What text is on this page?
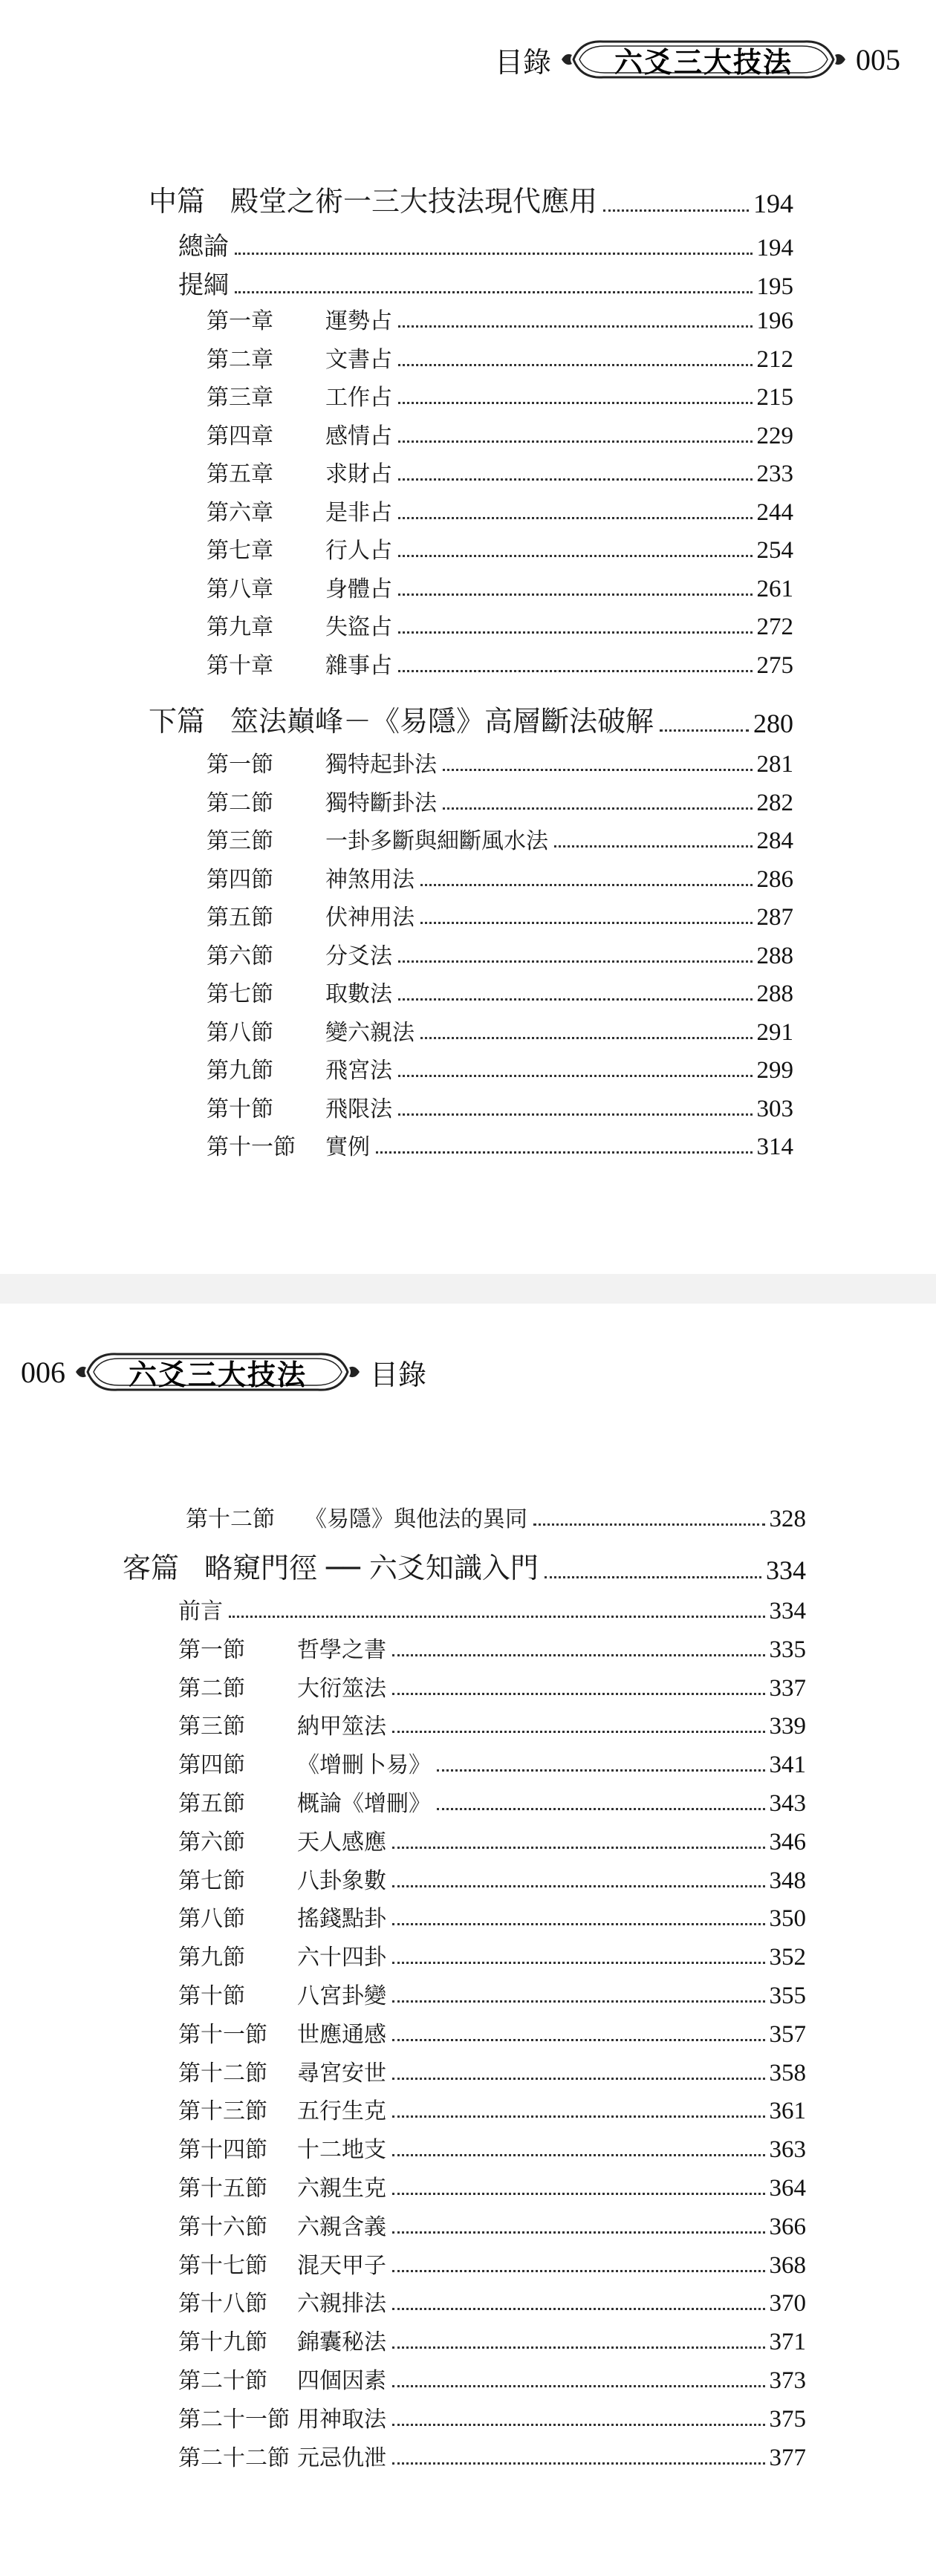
目錄 六爻三大技法 005
中篇 殿堂之術一三大技法現代應用	194
總論	194
提綱	195
第一章	運勢占	196
第二章	文書占	212
第三章	工作占	215
第四章	感情占	229
第五章	求財占	233
第六章	是非占	244
第七章	行人占	254
第八章	身體占	261
第九章	失盜占	272
第十章	雜事占	275
下篇 筮法巔峰－《易隱》高層斷法破解	280
第一節	獨特起卦法	281
第二節	獨特斷卦法	282
第三節	一卦多斷與細斷風水法	284
第四節	神煞用法	286
第五節	伏神用法	287
第六節	分爻法	288
第七節	取數法	288
第八節	變六親法	291
第九節	飛宮法	299
第十節	飛限法	303
第十一節	實例	314
006 六爻三大技法 目錄
第十二節	《易隱》與他法的異同	328
客篇 略窺門徑 ── 六爻知識入門	334
前言	334
第一節	哲學之書	335
第二節	大衍筮法	337
第三節	納甲筮法	339
第四節	《增刪卜易》	341
第五節	概論《增刪》	343
第六節	天人感應	346
第七節	八卦象數	348
第八節	搖錢點卦	350
第九節	六十四卦	352
第十節	八宮卦變	355
第十一節	世應通感	357
第十二節	尋宮安世	358
第十三節	五行生克	361
第十四節	十二地支	363
第十五節	六親生克	364
第十六節	六親含義	366
第十七節	混天甲子	368
第十八節	六親排法	370
第十九節	錦囊秘法	371
第二十節	四個因素	373
第二十一節 用神取法	375
第二十二節 元忌仇泄	377
